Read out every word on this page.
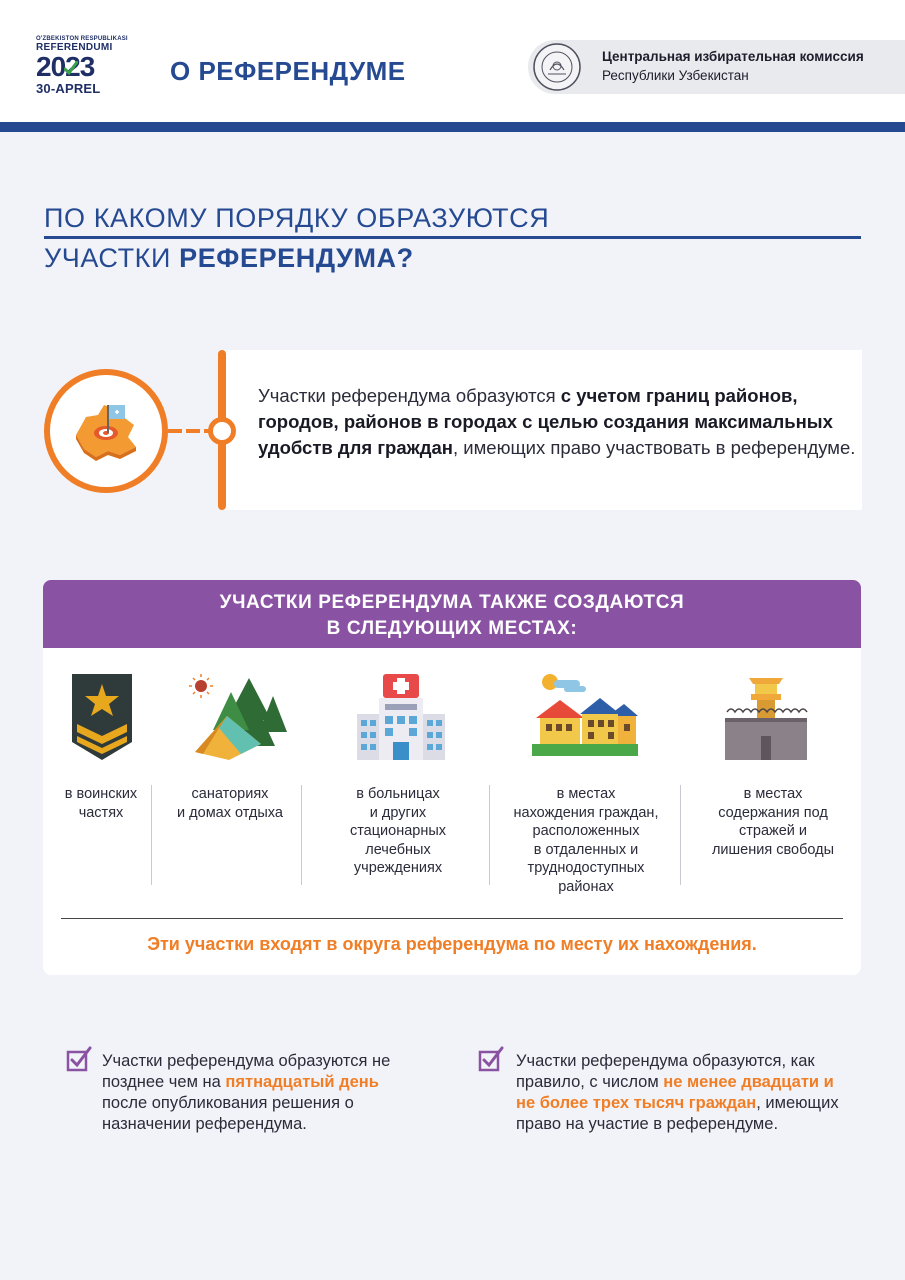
O'ZBEKISTON RESPUBLIKASI
REFERENDUMI
2023
30-APREL
О РЕФЕРЕНДУМЕ	Центральная избирательная комиссия
Республики Узбекистан
ПО КАКОМУ ПОРЯДКУ ОБРАЗУЮТСЯ
УЧАСТКИ РЕФЕРЕНДУМА?
Участки референдума образуются с учетом границ районов, городов, районов в городах с целью создания максимальных удобств для граждан, имеющих право участвовать в референдуме.
УЧАСТКИ РЕФЕРЕНДУМА ТАКЖЕ СОЗДАЮТСЯ
В СЛЕДУЮЩИХ МЕСТАХ:
в воинских
частях
санаториях
и домах отдыха
в больницах
и других
стационарных
лечебных
учреждениях
в местах
нахождения граждан,
расположенных
в отдаленных и
труднодоступных
районах
в местах
содержания под
стражей и
лишения свободы
Эти участки входят в округа референдума по месту их нахождения.
Участки референдума образуются не позднее чем на пятнадцатый день после опубликования решения о назначении референдума.
Участки референдума образуются, как правило, с числом не менее двадцати и не более трех тысяч граждан, имеющих право на участие в референдуме.
